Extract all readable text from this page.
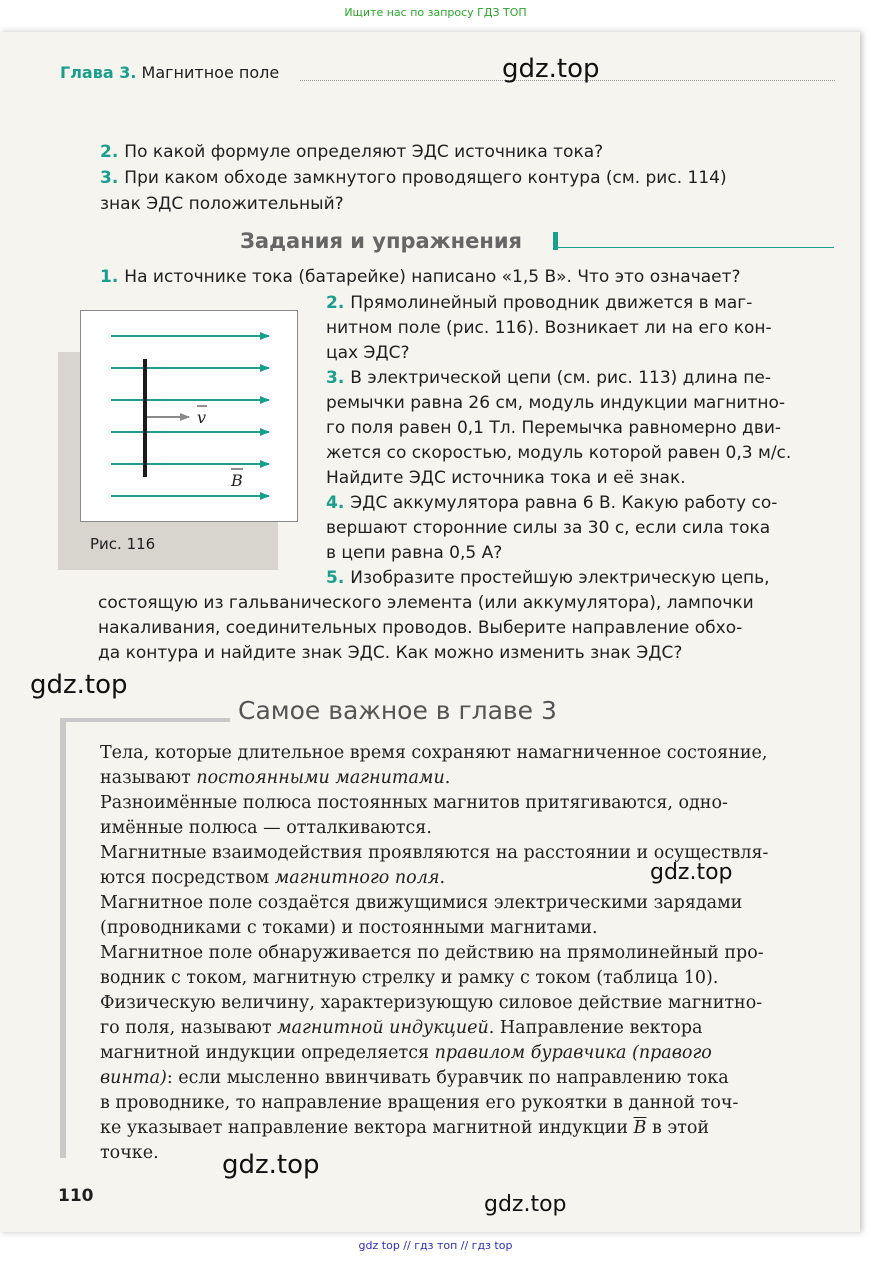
Ищите нас по запросу ГДЗ ТОП
Глава 3. Магнитное поле	gdz.top
gdz.top
gdz.top
gdz.top
gdz.top
2. По какой формуле определяют ЭДС источника тока?
3. При каком обходе замкнутого проводящего контура (см. рис. 114)
знак ЭДС положительный?
Задания и упражнения
1. На источнике тока (батарейке) написано «1,5 В». Что это означает?
v
B
Рис. 116
2. Прямолинейный проводник движется в маг-
нитном поле (рис. 116). Возникает ли на его кон-
цах ЭДС?
3. В электрической цепи (см. рис. 113) длина пе-
ремычки равна 26 см, модуль индукции магнитно-
го поля равен 0,1 Тл. Перемычка равномерно дви-
жется со скоростью, модуль которой равен 0,3 м/с.
Найдите ЭДС источника тока и её знак.
4. ЭДС аккумулятора равна 6 В. Какую работу со-
вершают сторонние силы за 30 с, если сила тока
в цепи равна 0,5 А?
5. Изобразите простейшую электрическую цепь,
состоящую из гальванического элемента (или аккумулятора), лампочки
накаливания, соединительных проводов. Выберите направление обхо-
да контура и найдите знак ЭДС. Как можно изменить знак ЭДС?
Самое важное в главе 3
Тела, которые длительное время сохраняют намагниченное состояние,
называют постоянными магнитами.
Разноимённые полюса постоянных магнитов притягиваются, одно-
имённые полюса — отталкиваются.
Магнитные взаимодействия проявляются на расстоянии и осуществля-
ются посредством магнитного поля.
Магнитное поле создаётся движущимися электрическими зарядами
(проводниками с токами) и постоянными магнитами.
Магнитное поле обнаруживается по действию на прямолинейный про-
водник с током, магнитную стрелку и рамку с током (таблица 10).
Физическую величину, характеризующую силовое действие магнитно-
го поля, называют магнитной индукцией. Направление вектора
магнитной индукции определяется правилом буравчика (правого
винта): если мысленно ввинчивать буравчик по направлению тока
в проводнике, то направление вращения его рукоятки в данной точ-
ке указывает направление вектора магнитной индукции $\overline{B}$ в этой
точке.
110
gdz top // гдз топ // гдз top
